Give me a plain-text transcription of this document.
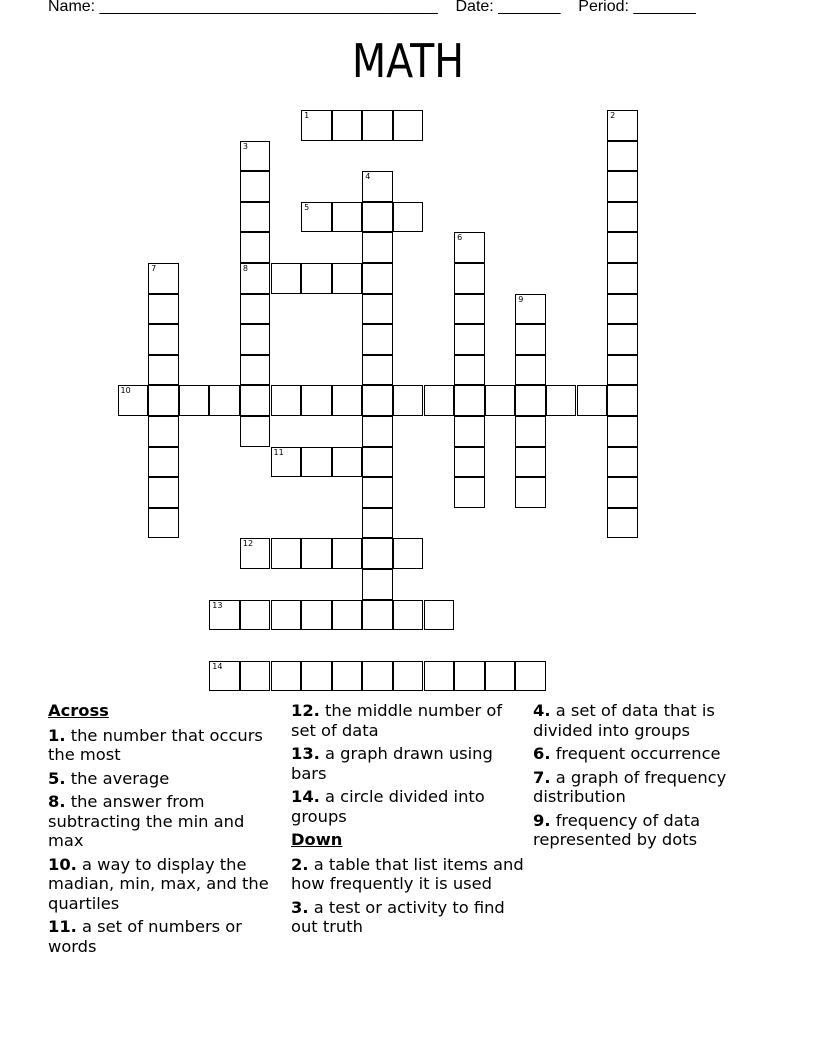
Name: ______________________________________ Date: _______ Period: _______
MATH
1
5
8
10
11
12
13
14
2
3
4
6
7
9
Across
1. the number that occurs the most
5. the average
8. the answer from subtracting the min and max
10. a way to display the madian, min, max, and the quartiles
11. a set of numbers or words
12. the middle number of set of data
13. a graph drawn using bars
14. a circle divided into groups
Down
2. a table that list items and how frequently it is used
3. a test or activity to find out truth
4. a set of data that is divided into groups
6. frequent occurrence
7. a graph of frequency distribution
9. frequency of data represented by dots
